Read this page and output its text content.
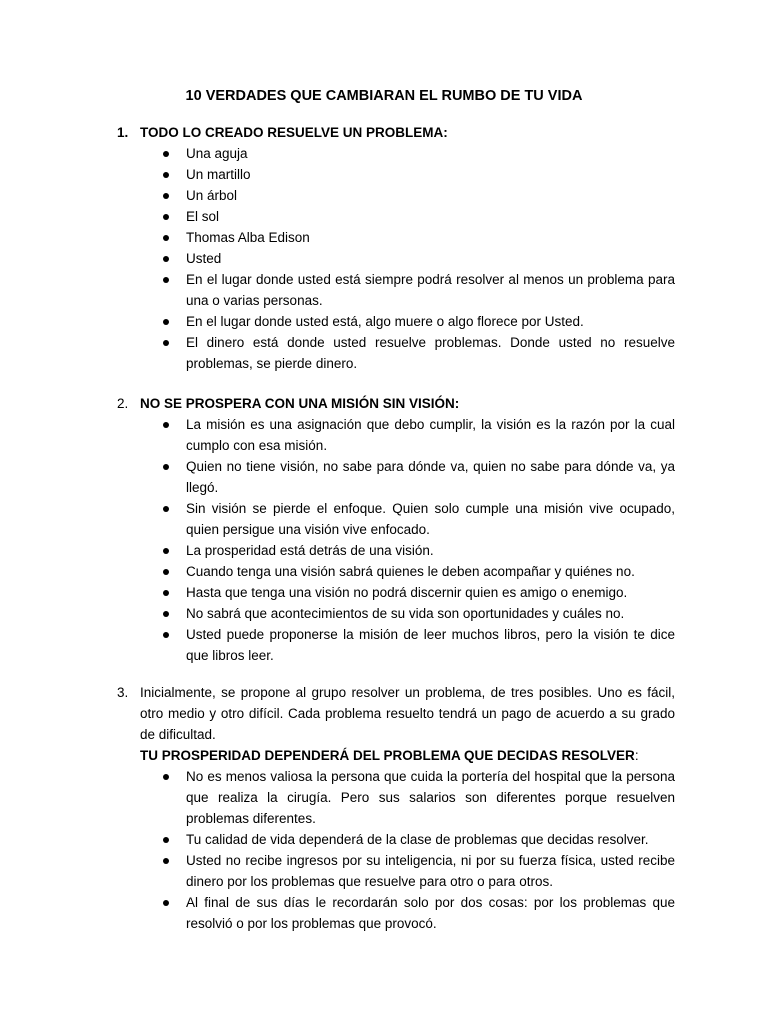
10 VERDADES QUE CAMBIARAN EL RUMBO DE TU VIDA
1. TODO LO CREADO RESUELVE UN PROBLEMA:
Una aguja
Un martillo
Un árbol
El sol
Thomas Alba Edison
Usted
En el lugar donde usted está siempre podrá resolver al menos un problema para una o varias personas.
En el lugar donde usted está, algo muere o algo florece por Usted.
El dinero está donde usted resuelve problemas. Donde usted no resuelve problemas, se pierde dinero.
2. NO SE PROSPERA CON UNA MISIÓN SIN VISIÓN:
La misión es una asignación que debo cumplir, la visión es la razón por la cual cumplo con esa misión.
Quien no tiene visión, no sabe para dónde va, quien no sabe para dónde va, ya llegó.
Sin visión se pierde el enfoque. Quien solo cumple una misión vive ocupado, quien persigue una visión vive enfocado.
La prosperidad está detrás de una visión.
Cuando tenga una visión sabrá quienes le deben acompañar y quiénes no.
Hasta que tenga una visión no podrá discernir quien es amigo o enemigo.
No sabrá que acontecimientos de su vida son oportunidades y cuáles no.
Usted puede proponerse la misión de leer muchos libros, pero la visión te dice que libros leer.
3. Inicialmente, se propone al grupo resolver un problema, de tres posibles. Uno es fácil, otro medio y otro difícil. Cada problema resuelto tendrá un pago de acuerdo a su grado de dificultad.
TU PROSPERIDAD DEPENDERÁ DEL PROBLEMA QUE DECIDAS RESOLVER:
No es menos valiosa la persona que cuida la portería del hospital que la persona que realiza la cirugía. Pero sus salarios son diferentes porque resuelven problemas diferentes.
Tu calidad de vida dependerá de la clase de problemas que decidas resolver.
Usted no recibe ingresos por su inteligencia, ni por su fuerza física, usted recibe dinero por los problemas que resuelve para otro o para otros.
Al final de sus días le recordarán solo por dos cosas: por los problemas que resolvió o por los problemas que provocó.
